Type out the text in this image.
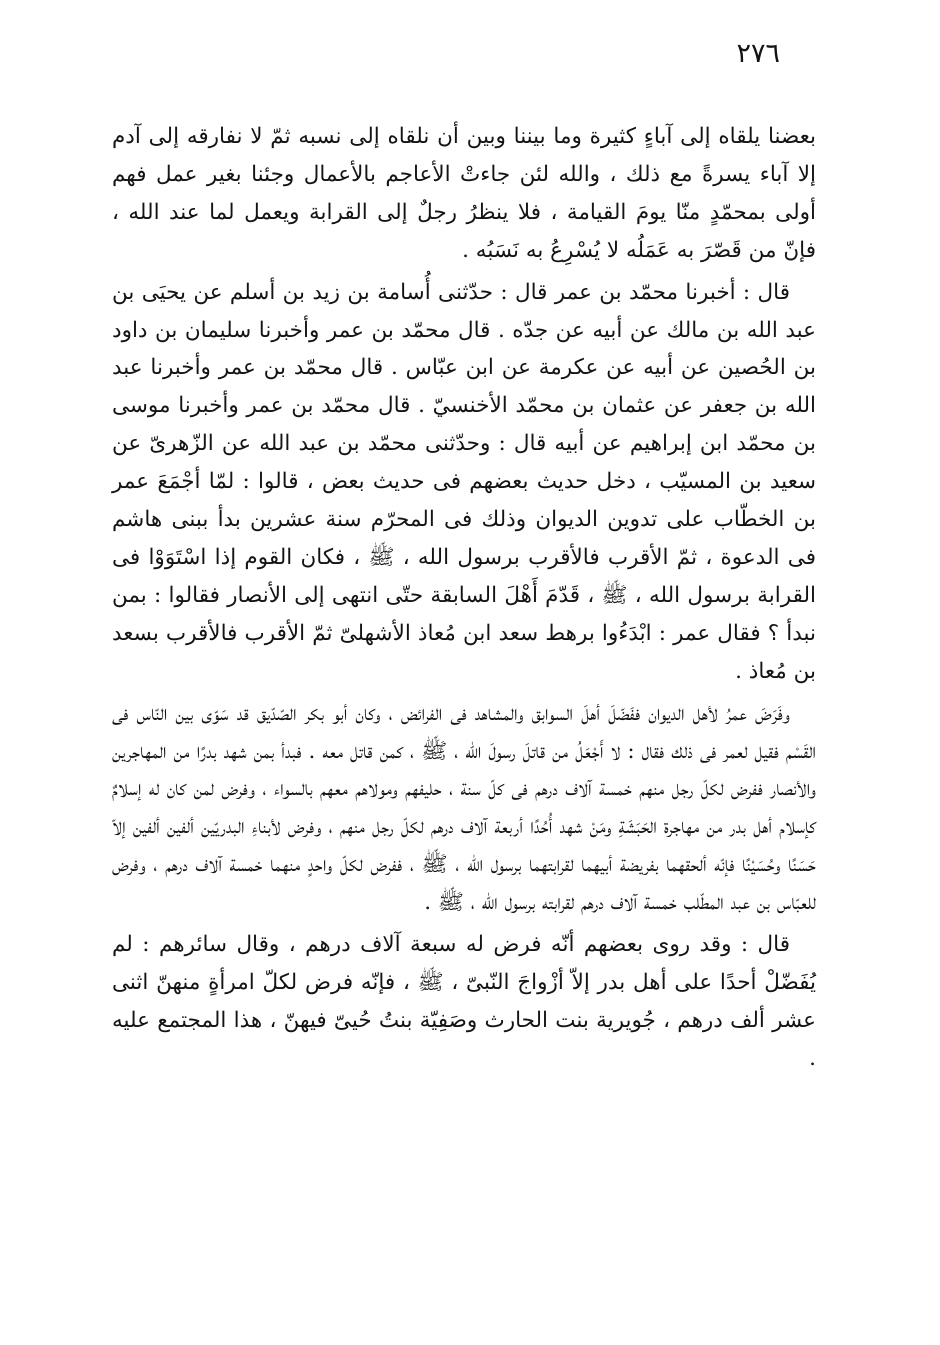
٢٧٦

بعضنا يلقاه إلى آباءٍ كثيرة وما بيننا وبين أن نلقاه إلى نسبه ثمّ لا نفارقه إلى آدم إلا آباء يسرةً مع ذلك ، والله لئن جاءتْ الأعاجم بالأعمال وجئنا بغير عمل فهم أولى بمحمّدٍ منّا يومَ القيامة ، فلا ينظرُ رجلٌ إلى القرابة ويعمل لما عند الله ، فإنّ من قَصّرَ به عَمَلُه لا يُسْرِعُ به نَسَبُه .

قال : أخبرنا محمّد بن عمر قال : حدّثنى أُسامة بن زيد بن أسلم عن يحيَى بن عبد الله بن مالك عن أبيه عن جدّه . قال محمّد بن عمر وأخبرنا سليمان بن داود بن الحُصين عن أبيه عن عكرمة عن ابن عبّاس . قال محمّد بن عمر وأخبرنا عبد الله بن جعفر عن عثمان بن محمّد الأخنسيّ . قال محمّد بن عمر وأخبرنا موسى بن محمّد ابن إبراهيم عن أبيه قال : وحدّثنى محمّد بن عبد الله عن الزّهرىّ عن سعيد بن المسيّب ، دخل حديث بعضهم فى حديث بعض ، قالوا : لمّا أجْمَعَ عمر بن الخطّاب على تدوين الديوان وذلك فى المحرّم سنة عشرين بدأ ببنى هاشم فى الدعوة ، ثمّ الأقرب فالأقرب برسول الله ، ﷺ ، فكان القوم إذا اسْتَوَوْا فى القرابة برسول الله ، ﷺ ، قَدّمَ أَهْلَ السابقة حتّى انتهى إلى الأنصار فقالوا : بمن نبدأ ؟ فقال عمر : ابْدَءُوا برهط سعد ابن مُعاذ الأشهلىّ ثمّ الأقرب فالأقرب بسعد بن مُعاذ .

وفَرَضَ عمرُ لأهل الديوان ففَضّلَ أهلَ السوابق والمشاهد فى الفرائض ، وكان أبو بكر الصّدّيق قد سَوّى بين النّاس فى القَسْم فقيل لعمر فى ذلك فقال : لا أَجْعَلُ من قاتلَ رسولَ الله ، ﷺ ، كمن قاتل معه . فبدأ بمن شهد بدرًا من المهاجرين والأنصار ففرض لكلّ رجل منهم خمسة آلاف درهم فى كلّ سنة ، حليفهم ومولاهم معهم بالسواء ، وفرض لمن كان له إسلامٌ كإسلام أهل بدر من مهاجرة الحَبَشَةِ ومَنْ شهد أُحُدًا أربعة آلاف درهم لكلّ رجل منهم ، وفرض لأبناءِ البدريّين ألفين ألفين إلاّ حَسَنًا وحُسَيْنًا فإنّه ألحقهما بفريضة أبيهما لقرابتهما برسول الله ، ﷺ ، ففرض لكلّ واحدٍ منهما خمسة آلاف درهم ، وفرض للعبّاس بن عبد المطّلب خمسة آلاف درهم لقرابته برسول الله ، ﷺ .

قال : وقد روى بعضهم أنّه فرض له سبعة آلاف درهم ، وقال سائرهم : لم يُفَضّلْ أحدًا على أهل بدر إلاّ أزْواجَ النّبىّ ، ﷺ ، فإنّه فرض لكلّ امرأةٍ منهنّ اثنى عشر ألف درهم ، جُويرية بنت الحارث وصَفِيّة بنتُ حُيىّ فيهنّ ، هذا المجتمع عليه .
